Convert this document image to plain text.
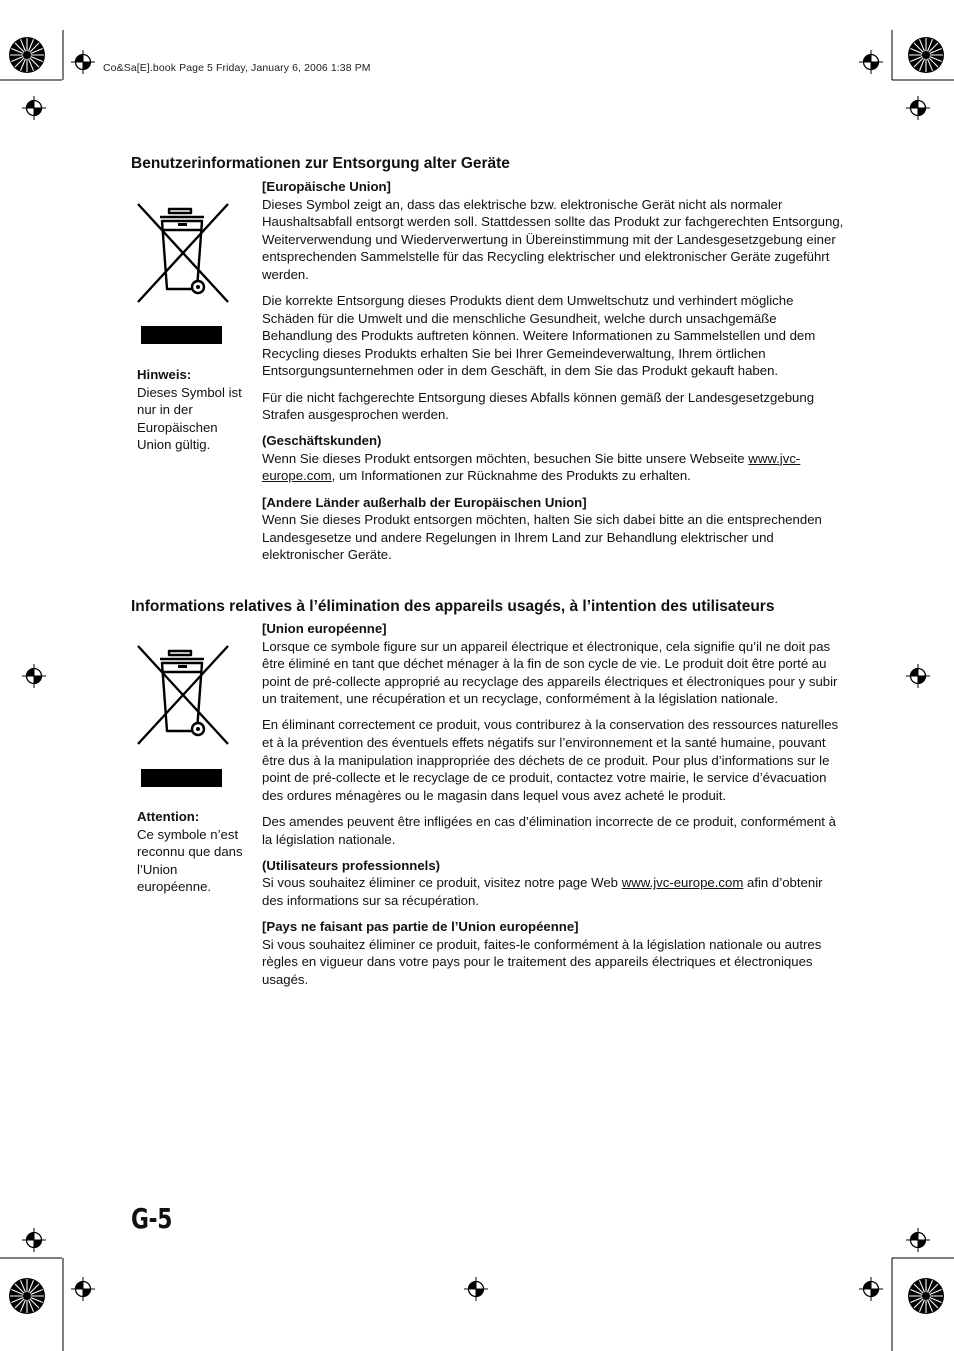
Co&Sa[E].book Page 5 Friday, January 6, 2006 1:38 PM
Benutzerinformationen zur Entsorgung alter Geräte
Hinweis:
Dieses Symbol ist nur in der Europäischen Union gültig.

[Europäische Union]
Dieses Symbol zeigt an, dass das elektrische bzw. elektronische Gerät nicht als normaler Haushaltsabfall entsorgt werden soll. Stattdessen sollte das Produkt zur fachgerechten Entsorgung, Weiterverwendung und Wiederverwertung in Übereinstimmung mit der Landesgesetzgebung einer entsprechenden Sammelstelle für das Recycling elektrischer und elektronischer Geräte zugeführt werden.

Die korrekte Entsorgung dieses Produkts dient dem Umweltschutz und verhindert mögliche Schäden für die Umwelt und die menschliche Gesundheit, welche durch unsachgemäße Behandlung des Produkts auftreten können. Weitere Informationen zu Sammelstellen und dem Recycling dieses Produkts erhalten Sie bei Ihrer Gemeindeverwaltung, Ihrem örtlichen Entsorgungsunternehmen oder in dem Geschäft, in dem Sie das Produkt gekauft haben.

Für die nicht fachgerechte Entsorgung dieses Abfalls können gemäß der Landesgesetzgebung Strafen ausgesprochen werden.

(Geschäftskunden)
Wenn Sie dieses Produkt entsorgen möchten, besuchen Sie bitte unsere Webseite www.jvc-europe.com, um Informationen zur Rücknahme des Produkts zu erhalten.

[Andere Länder außerhalb der Europäischen Union]
Wenn Sie dieses Produkt entsorgen möchten, halten Sie sich dabei bitte an die entsprechenden Landesgesetze und andere Regelungen in Ihrem Land zur Behandlung elektrischer und elektronischer Geräte.

Informations relatives à l’élimination des appareils usagés, à l’intention des utilisateurs
Attention:
Ce symbole n’est reconnu que dans l’Union européenne.

[Union européenne]
Lorsque ce symbole figure sur un appareil électrique et électronique, cela signifie qu’il ne doit pas être éliminé en tant que déchet ménager à la fin de son cycle de vie. Le produit doit être porté au point de pré-collecte approprié au recyclage des appareils électriques et électroniques pour y subir un traitement, une récupération et un recyclage, conformément à la législation nationale.

En éliminant correctement ce produit, vous contriburez à la conservation des ressources naturelles et à la prévention des éventuels effets négatifs sur l’environnement et la santé humaine, pouvant être dus à la manipulation inappropriée des déchets de ce produit. Pour plus d’informations sur le point de pré-collecte et le recyclage de ce produit, contactez votre mairie, le service d’évacuation des ordures ménagères ou le magasin dans lequel vous avez acheté le produit.

Des amendes peuvent être infligées en cas d’élimination incorrecte de ce produit, conformément à la législation nationale.

(Utilisateurs professionnels)
Si vous souhaitez éliminer ce produit, visitez notre page Web www.jvc-europe.com afin d’obtenir des informations sur sa récupération.

[Pays ne faisant pas partie de l’Union européenne]
Si vous souhaitez éliminer ce produit, faites-le conformément à la législation nationale ou autres règles en vigueur dans votre pays pour le traitement des appareils électriques et électroniques usagés.

G-5
